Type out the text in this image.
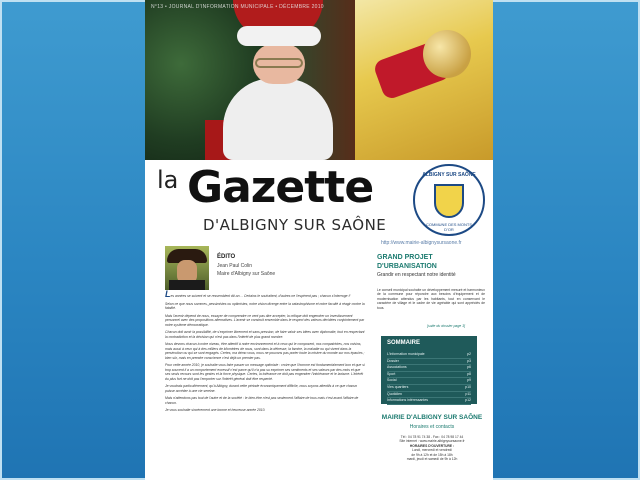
N°13 • JOURNAL D'INFORMATION MUNICIPALE • DÉCEMBRE 2010
la Gazette
D'ALBIGNY SUR SAÔNE
ALBIGNY SUR SAÔNE
COMMUNE DES MONTS D'OR
http://www.mairie-albignysursaone.fr
ÉDITO
Jean Paul Colin
Maire d'Albigny sur Saône

Les années se suivent et se ressemblent dit-on… Certains le souhaitent, d'autres ne l'espèrent pas ; chacun s'interroge !!

Selon ce que nous sommes, pessimistes ou optimistes, notre vision diverge entre la catastrophisme et notre faculté à réagir contre la fatalité.

Mais l'avenir dépend de nous, essayer de comprendre ce vent pas dire accepter, la critique doit engendrer un investissement personnel avec des propositions alternatives. L'avenir se construit ensemble dans le respect des valeurs décidées conjointement par notre système démocratique.

Chacun doit avoir la possibilité, de s'exprimer librement et sans pression, de faire valoir ses idées avec diplomatie, tout en respectant la contradiction et la décision qui n'est pas dans l'intérêt de plus grand nombre.

Nous devons chacun à notre niveau, être attentif à notre environnement et à ceux qui le composent, nos compatriotes, nos voisins, mais aussi à ceux qui à des milliers de kilomètres de nous, sont dans la détresse, la famine, la maladie ou qui vivent dans la persécution ou qui se sont engagés. Certes, ma démo vous, nous ne pouvons pas porter toute la misère du monde sur nos épaules ; bien sûr, mais en prendre conscience c'est déjà un premier pas.

Pour cette année 2010, je souhaite vous faire passer un message optimiste : croire que l'homme est fondamentalement bon et que si trop souvent il a un comportement excessif c'est parce qu'il n'a pas su exprimer ses sentiments et ses valeurs par des mots et que ses seuls recours sont les gestes et la force physique. Certes, la tolérance ne doit pas engendrer l'intolérance et le laxisme. L'intérêt du plus fort ne doit pas l'emporter sur l'intérêt général doit être respecté.

Je voudrais particulièrement, qu'à Albigny, durant cette période économiquement difficile, nous soyons attentifs à ce que chacun puisse accéder à une vie sereine.

Mais n'attendons pas tout de l'autre et de la société : le bien-être n'est pas seulement l'affaire de tous mais c'est avant l'affaire de chacun.

Je vous souhaite sincèrement une bonne et heureuse année 2010.

GRAND PROJET
D'URBANISATION
Grandir en respectant notre identité
Le conseil municipal souhaite un développement mesuré et harmonieux de la commune pour répondre aux besoins d'équipement et de modernisation attendus par les habitants, tout en conservant le caractère de village et le cadre de vie agréable qui sont appréciés de tous.
[suite du dossier page 3]
SOMMAIRE
L'information municipale	p2
Dossier	p3
Associations	p6
Sport	p8
Social	p9
Vies quartiers	p10
Quotidien	p11
Informations intéressantes	p12
MAIRIE D'ALBIGNY SUR SAÔNE
Horaires et contacts
Tél : 04 78 91 74 38 - Fax : 04 78 98 17 44
Site internet : www.mairie-albignysursaone.fr
HORAIRES D'OUVERTURE :
Lundi, mercredi et vendredi
de 9h à 12h et de 15h à 18h
mardi, jeudi et samedi de 9h à 12h
